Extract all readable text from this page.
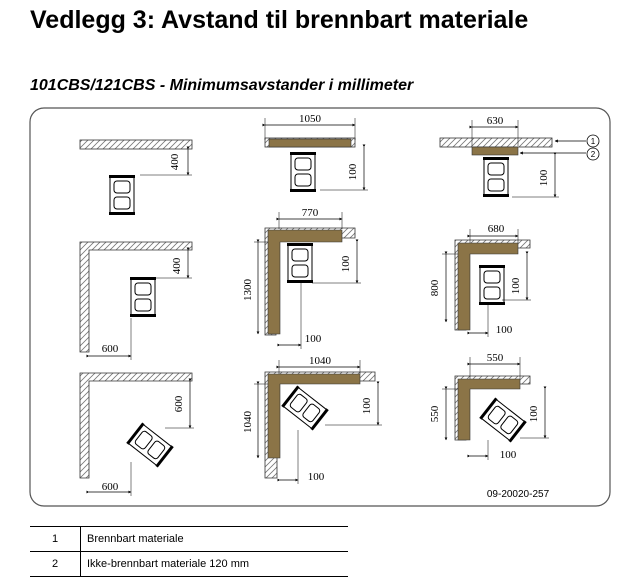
Vedlegg 3: Avstand til brennbart materiale
101CBS/121CBS - Minimumsavstander i millimeter
400
1050
100
630
100
1
2
400
600
770
1300
100
100
680
800	100
100
600
600
1040
1040
100
100
550
550	100
100
09-20020-257
1	Brennbart materiale
2	Ikke-brennbart materiale 120 mm
